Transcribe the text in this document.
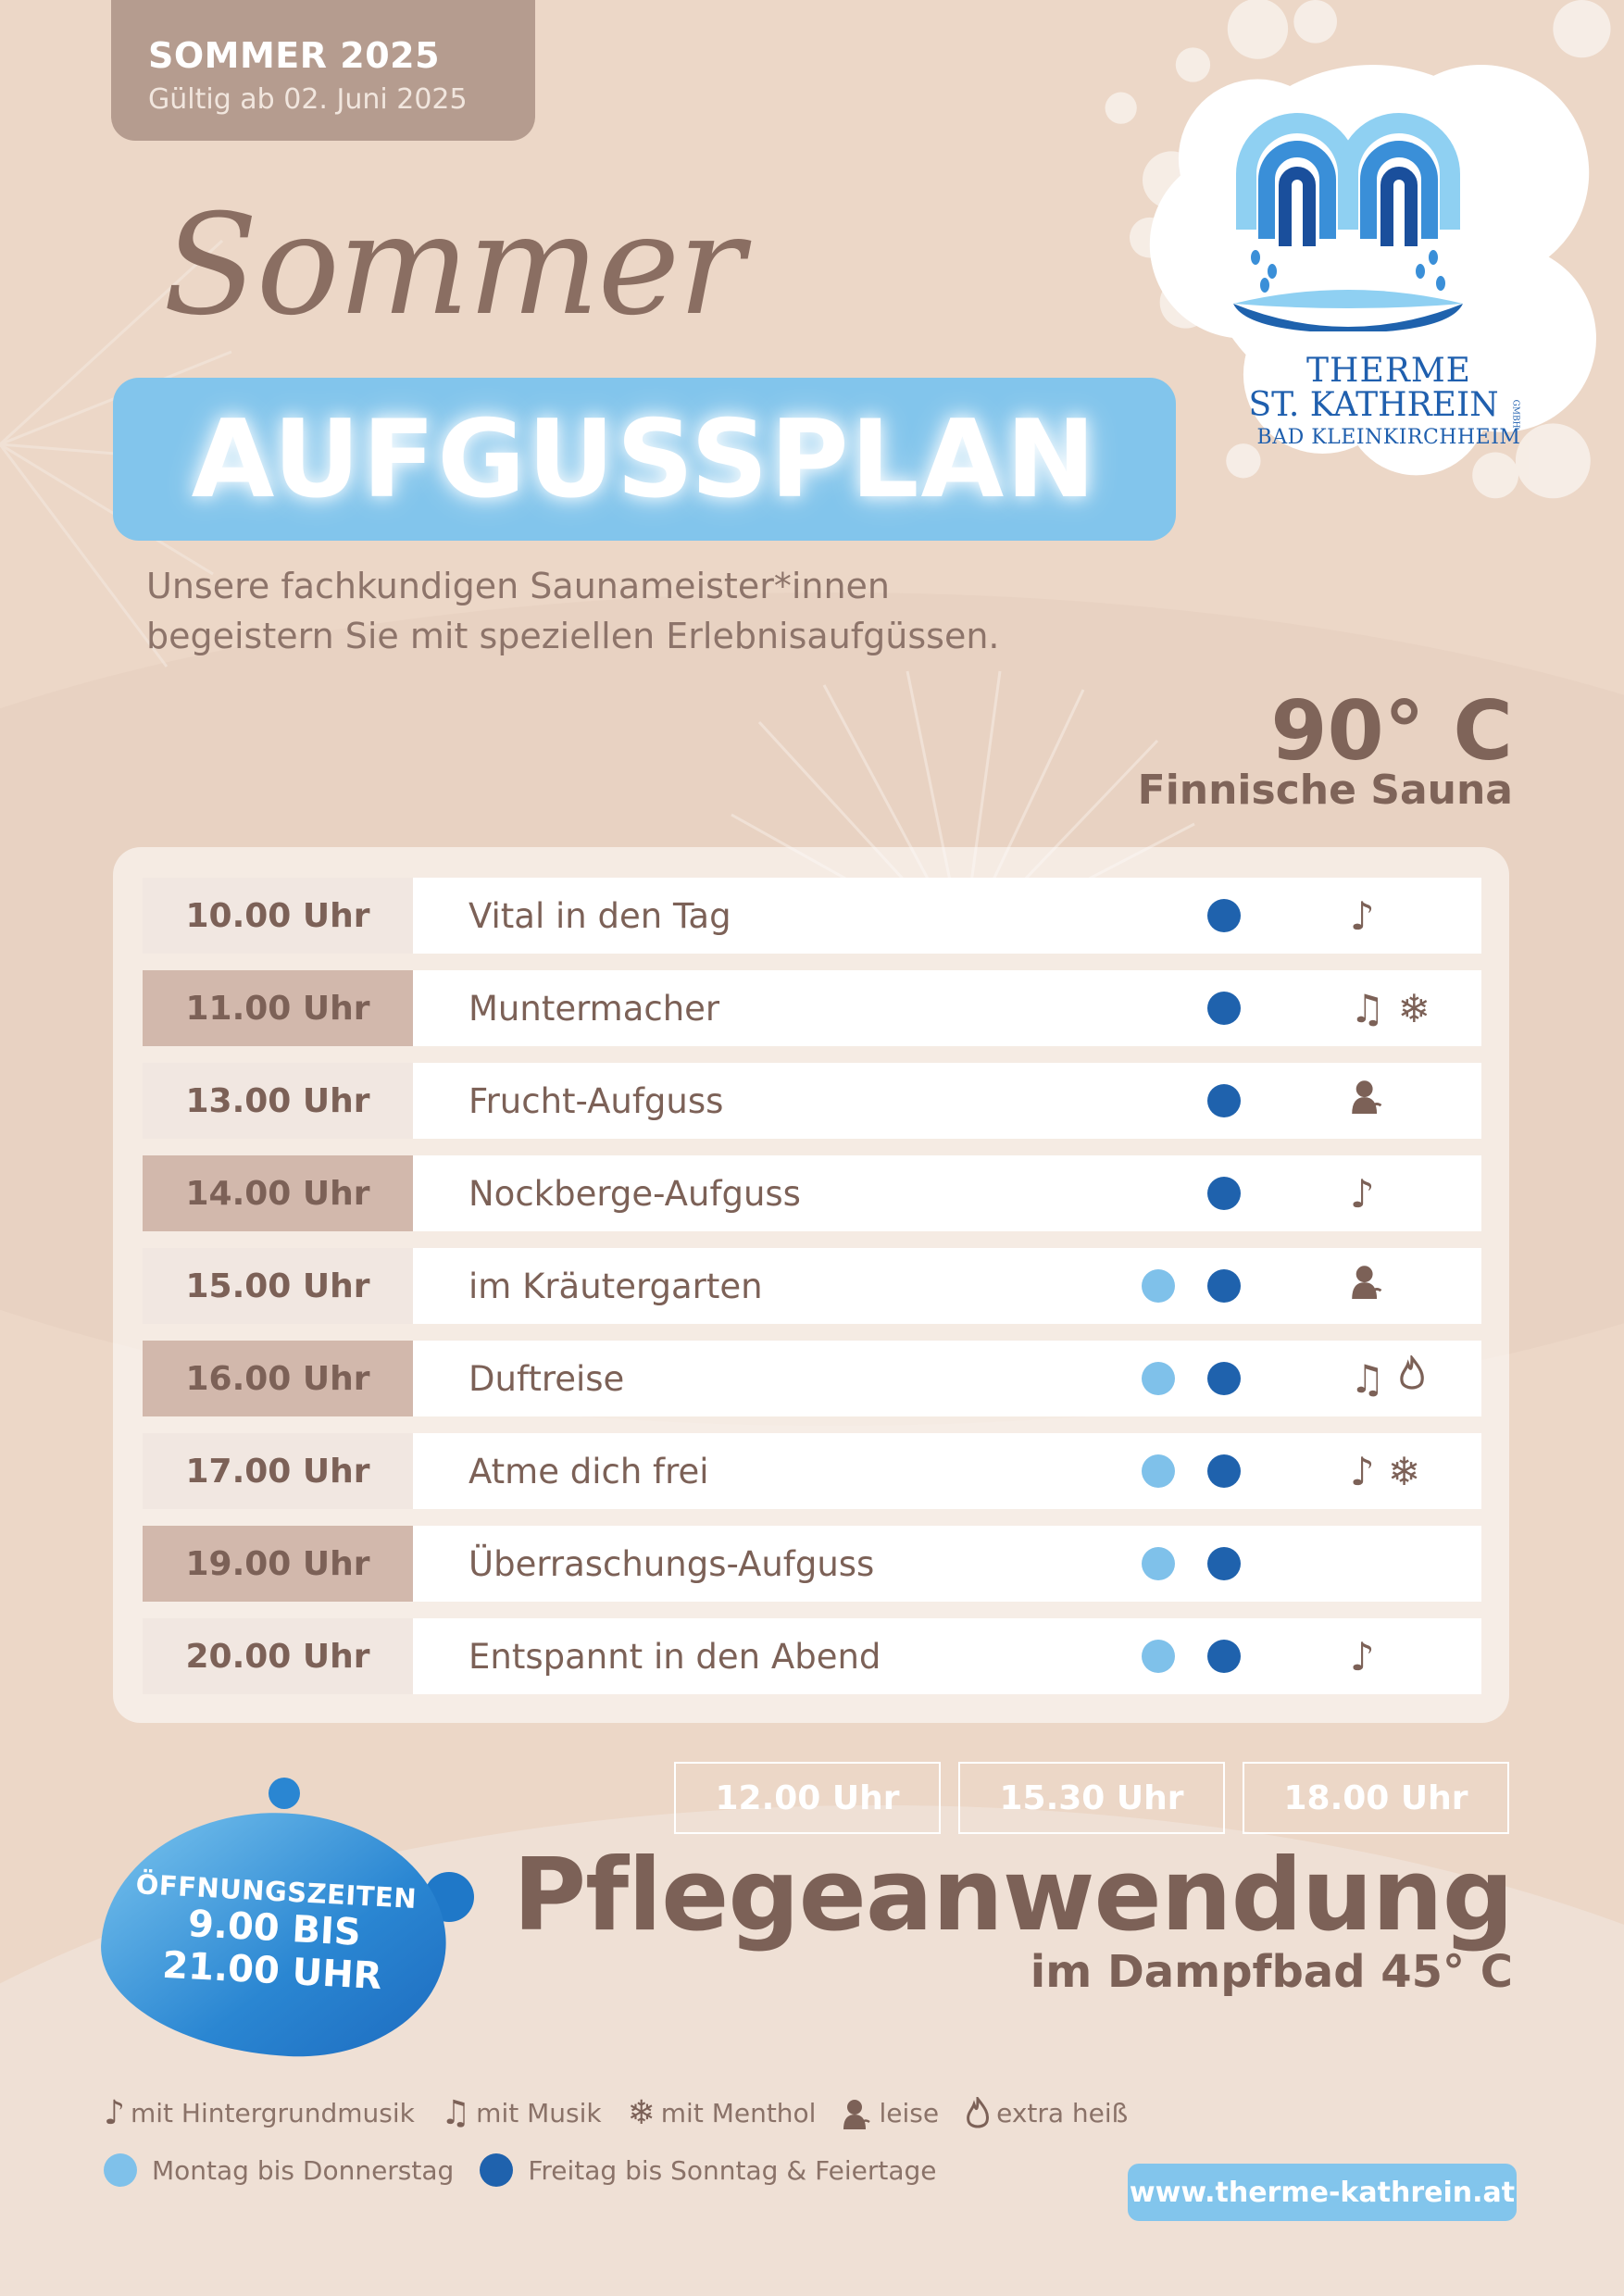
THERME
ST. KATHREIN GMBH
BAD KLEINKIRCHHEIM
SOMMER 2025
Gültig ab 02. Juni 2025
Sommer
AUFGUSSPLAN
Unsere fachkundigen Saunameister*innen
begeistern Sie mit speziellen Erlebnisaufgüssen.
90° C
Finnische Sauna
10.00 Uhr	Vital in den Tag	♪
11.00 Uhr	Muntermacher	♫ ❄
13.00 Uhr	Frucht-Aufguss
14.00 Uhr	Nockberge-Aufguss	♪
15.00 Uhr	im Kräutergarten
16.00 Uhr	Duftreise	♫
17.00 Uhr	Atme dich frei	♪ ❄
19.00 Uhr	Überraschungs-Aufguss
20.00 Uhr	Entspannt in den Abend	♪
12.00 Uhr	15.30 Uhr	18.00 Uhr
Pflegeanwendung
im Dampfbad 45° C
ÖFFNUNGSZEITEN
9.00 BIS
21.00 UHR
♪ mit Hintergrundmusik ♫ mit Musik ❄ mit Menthol leise extra heiß
Montag bis Donnerstag	Freitag bis Sonntag & Feiertage
www.therme-kathrein.at
